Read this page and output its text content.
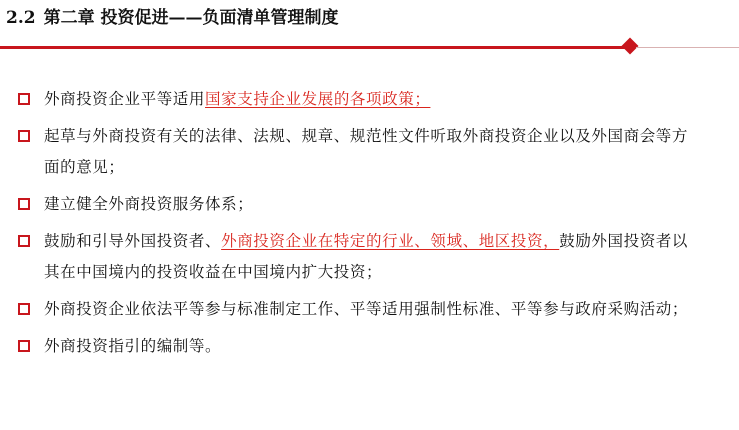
2.2 第二章 投资促进——负面清单管理制度
外商投资企业平等适用国家支持企业发展的各项政策；
起草与外商投资有关的法律、法规、规章、规范性文件听取外商投资企业以及外国商会等方面的意见；
建立健全外商投资服务体系；
鼓励和引导外国投资者、外商投资企业在特定的行业、领域、地区投资，鼓励外国投资者以其在中国境内的投资收益在中国境内扩大投资；
外商投资企业依法平等参与标准制定工作、平等适用强制性标准、平等参与政府采购活动；
外商投资指引的编制等。
